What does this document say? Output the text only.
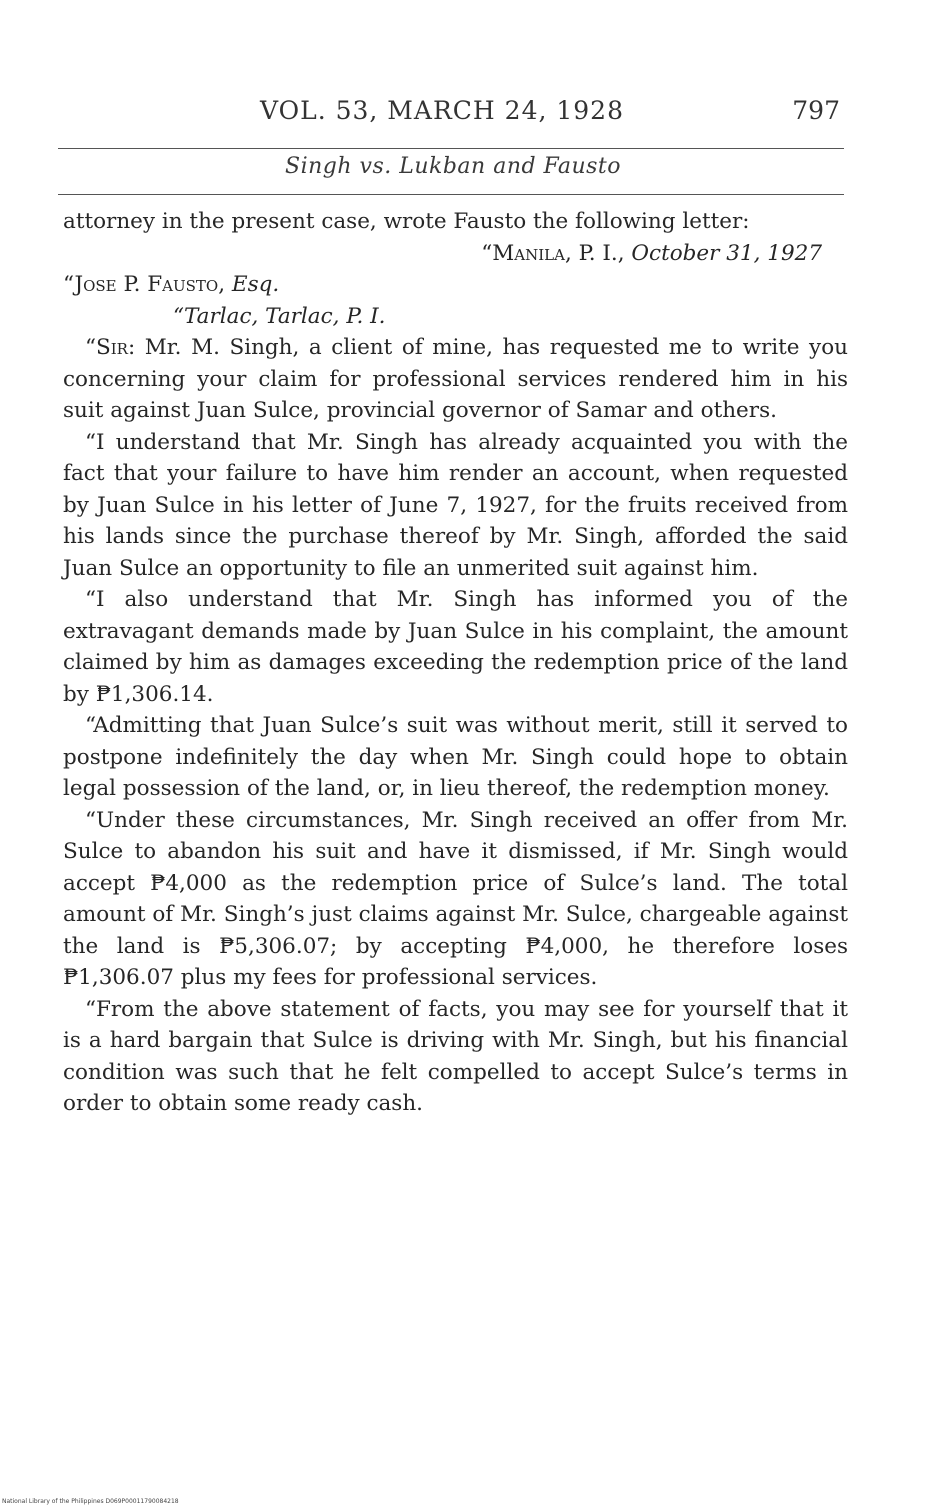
VOL. 53, MARCH 24, 1928	797
Singh vs. Lukban and Fausto

attorney in the present case, wrote Fausto the following letter:

“Manila, P. I., October 31, 1927

“Jose P. Fausto, Esq.

“Tarlac, Tarlac, P. I.

“Sir: Mr. M. Singh, a client of mine, has requested me to write you concerning your claim for professional services rendered him in his suit against Juan Sulce, provincial governor of Samar and others.

“I understand that Mr. Singh has already acquainted you with the fact that your failure to have him render an account, when requested by Juan Sulce in his letter of June 7, 1927, for the fruits received from his lands since the purchase thereof by Mr. Singh, afforded the said Juan Sulce an opportunity to file an unmerited suit against him.

“I also understand that Mr. Singh has informed you of the extravagant demands made by Juan Sulce in his complaint, the amount claimed by him as damages exceeding the redemption price of the land by ₱1,306.14.

“Admitting that Juan Sulce’s suit was without merit, still it served to postpone indefinitely the day when Mr. Singh could hope to obtain legal possession of the land, or, in lieu thereof, the redemption money.

“Under these circumstances, Mr. Singh received an offer from Mr. Sulce to abandon his suit and have it dismissed, if Mr. Singh would accept ₱4,000 as the redemption price of Sulce’s land. The total amount of Mr. Singh’s just claims against Mr. Sulce, chargeable against the land is ₱5,306.07; by accepting ₱4,000, he therefore loses ₱1,306.07 plus my fees for professional services.

“From the above statement of facts, you may see for yourself that it is a hard bargain that Sulce is driving with Mr. Singh, but his financial condition was such that he felt compelled to accept Sulce’s terms in order to obtain some ready cash.

National Library of the Philippines D069P00011790084218
